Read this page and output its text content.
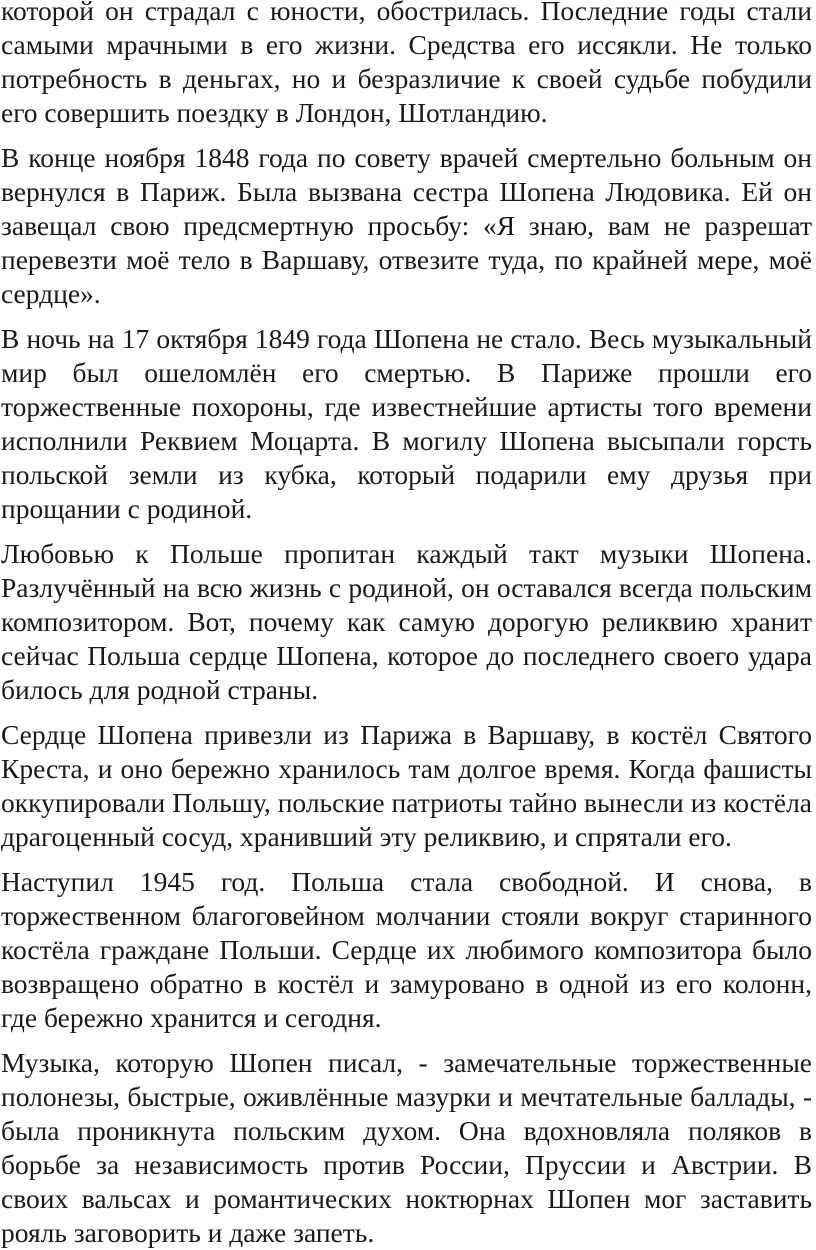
которой он страдал с юности, обострилась. Последние годы стали самыми мрачными в его жизни. Средства его иссякли. Не только потребность в деньгах, но и безразличие к своей судьбе побудили его совершить поездку в Лондон, Шотландию.

В конце ноября 1848 года по совету врачей смертельно больным он вернулся в Париж. Была вызвана сестра Шопена Людовика. Ей он завещал свою предсмертную просьбу: «Я знаю, вам не разрешат перевезти моё тело в Варшаву, отвезите туда, по крайней мере, моё сердце».

В ночь на 17 октября 1849 года Шопена не стало. Весь музыкальный мир был ошеломлён его смертью. В Париже прошли его торжественные похороны, где известнейшие артисты того времени исполнили Реквием Моцарта. В могилу Шопена высыпали горсть польской земли из кубка, который подарили ему друзья при прощании с родиной.

Любовью к Польше пропитан каждый такт музыки Шопена. Разлучённый на всю жизнь с родиной, он оставался всегда польским композитором. Вот, почему как самую дорогую реликвию хранит сейчас Польша сердце Шопена, которое до последнего своего удара билось для родной страны.

Сердце Шопена привезли из Парижа в Варшаву, в костёл Святого Креста, и оно бережно хранилось там долгое время. Когда фашисты оккупировали Польшу, польские патриоты тайно вынесли из костёла драгоценный сосуд, хранивший эту реликвию, и спрятали его.

Наступил 1945 год. Польша стала свободной. И снова, в торжественном благоговейном молчании стояли вокруг старинного костёла граждане Польши. Сердце их любимого композитора было возвращено обратно в костёл и замуровано в одной из его колонн, где бережно хранится и сегодня.

Музыка, которую Шопен писал, - замечательные торжественные полонезы, быстрые, оживлённые мазурки и мечтательные баллады, - была проникнута польским духом. Она вдохновляла поляков в борьбе за независимость против России, Пруссии и Австрии. В своих вальсах и романтических ноктюрнах Шопен мог заставить рояль заговорить и даже запеть.
